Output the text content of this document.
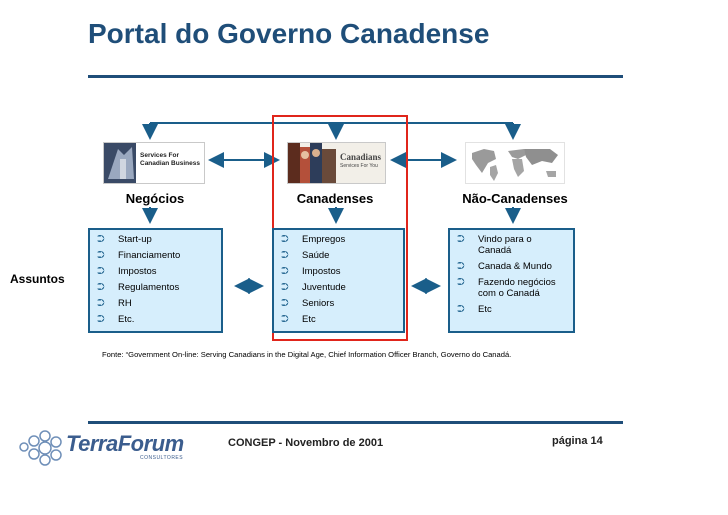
Portal do Governo Canadense
Services For
Canadian Business
Canadians
Services For You
Negócios	Canadenses	Não-Canadenses
Assuntos
⮊ Start-up
⮊ Financiamento
⮊ Impostos
⮊ Regulamentos
⮊ RH
⮊ Etc.
⮊ Empregos
⮊ Saúde
⮊ Impostos
⮊ Juventude
⮊ Seniors
⮊ Etc
⮊ Vindo para o Canadá
⮊ Canada & Mundo
⮊ Fazendo negócios com o Canadá
⮊ Etc
Fonte: “Government On-line: Serving Canadians in the Digital Age, Chief Information Officer Branch, Governo do Canadá.
TerraForum
CONSULTORES
CONGEP - Novembro de 2001	página 14
